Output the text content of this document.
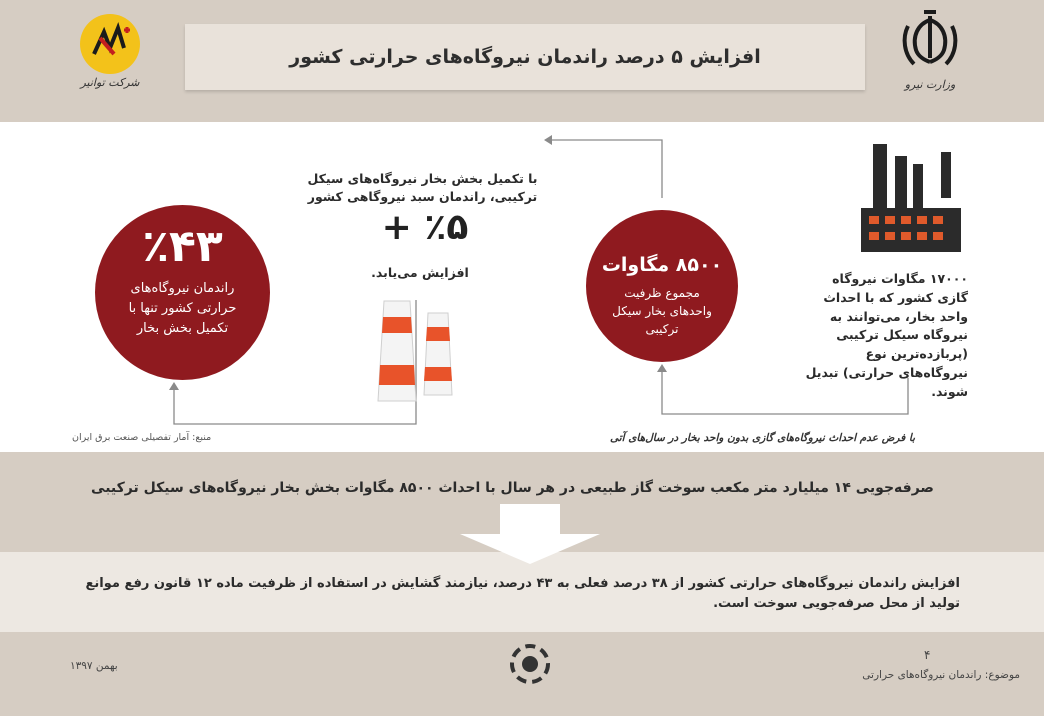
شرکت توانیر
افزایش ۵ درصد راندمان نیروگاه‌های حرارتی کشور
وزارت نیرو
٪۴۳
راندمان نیروگاه‌های حرارتی کشور تنها با تکمیل بخش بخار
با تکمیل بخش بخار نیروگاه‌های سیکل ترکیبی، راندمان سبد نیروگاهی کشور
٪۵ +
افزایش می‌یابد.	۸۵۰۰ مگاوات
مجموع ظرفیت واحدهای بخار سیکل ترکیبی
۱۷۰۰۰ مگاوات نیروگاه گازی کشور که با احداث واحد بخار، می‌توانند به نیروگاه سیکل ترکیبی (پربازده‌ترین نوع نیروگاه‌های حرارتی) تبدیل شوند.
منبع: آمار تفصیلی صنعت برق ایران	با فرض عدم احداث نیروگاه‌های گازی بدون واحد بخار در سال‌های آتی
صرفه‌جویی ۱۴ میلیارد متر مکعب سوخت گاز طبیعی در هر سال با احداث ۸۵۰۰ مگاوات بخش بخار نیروگاه‌های سیکل ترکیبی
افزایش راندمان نیروگاه‌های حرارتی کشور از ۳۸ درصد فعلی به ۴۳ درصد، نیازمند گشایش در استفاده از ظرفیت ماده ۱۲ قانون رفع موانع تولید از محل صرفه‌جویی سوخت است.
بهمن ۱۳۹۷
۴
موضوع: راندمان نیروگاه‌های حرارتی
